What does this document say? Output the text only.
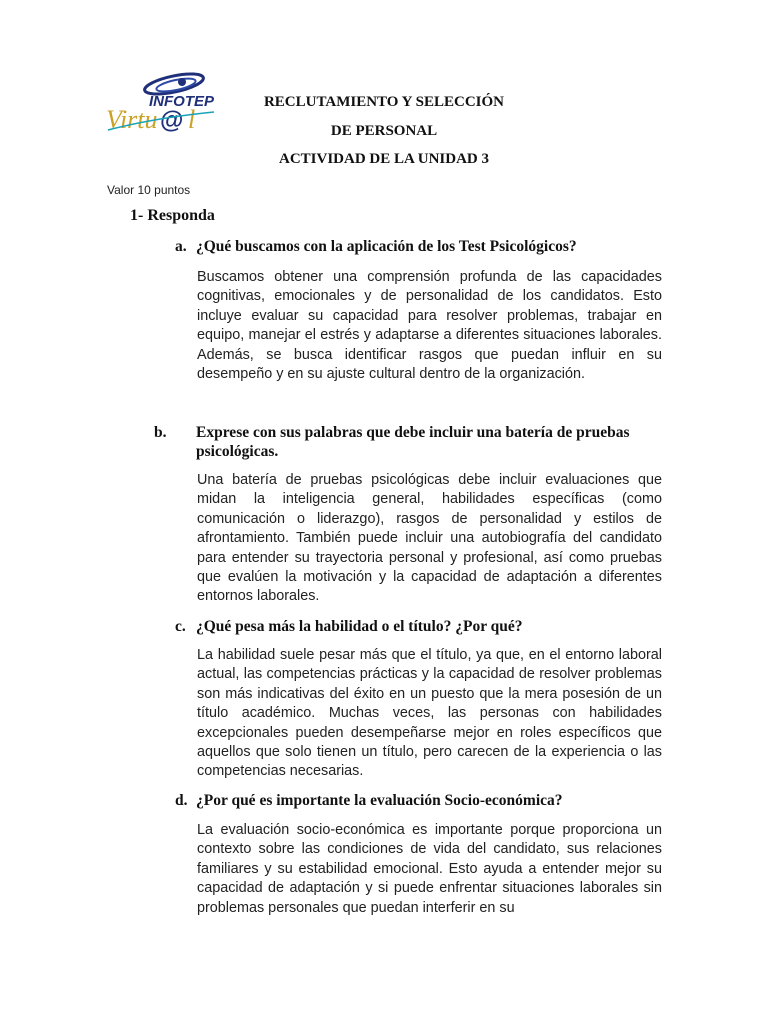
INFOTEP
Virtu @ l
RECLUTAMIENTO Y SELECCIÓN
DE PERSONAL
ACTIVIDAD DE LA UNIDAD 3
Valor 10 puntos
1- Responda
a. ¿Qué buscamos con la aplicación de los Test Psicológicos?
Buscamos obtener una comprensión profunda de las capacidades cognitivas, emocionales y de personalidad de los candidatos. Esto incluye evaluar su capacidad para resolver problemas, trabajar en equipo, manejar el estrés y adaptarse a diferentes situaciones laborales. Además, se busca identificar rasgos que puedan influir en su desempeño y en su ajuste cultural dentro de la organización.
b. Exprese con sus palabras que debe incluir una batería de pruebas psicológicas.
Una batería de pruebas psicológicas debe incluir evaluaciones que midan la inteligencia general, habilidades específicas (como comunicación o liderazgo), rasgos de personalidad y estilos de afrontamiento. También puede incluir una autobiografía del candidato para entender su trayectoria personal y profesional, así como pruebas que evalúen la motivación y la capacidad de adaptación a diferentes entornos laborales.
c. ¿Qué pesa más la habilidad o el título? ¿Por qué?
La habilidad suele pesar más que el título, ya que, en el entorno laboral actual, las competencias prácticas y la capacidad de resolver problemas son más indicativas del éxito en un puesto que la mera posesión de un título académico. Muchas veces, las personas con habilidades excepcionales pueden desempeñarse mejor en roles específicos que aquellos que solo tienen un título, pero carecen de la experiencia o las competencias necesarias.
d. ¿Por qué es importante la evaluación Socio-económica?
La evaluación socio-económica es importante porque proporciona un contexto sobre las condiciones de vida del candidato, sus relaciones familiares y su estabilidad emocional. Esto ayuda a entender mejor su capacidad de adaptación y si puede enfrentar situaciones laborales sin problemas personales que puedan interferir en su
